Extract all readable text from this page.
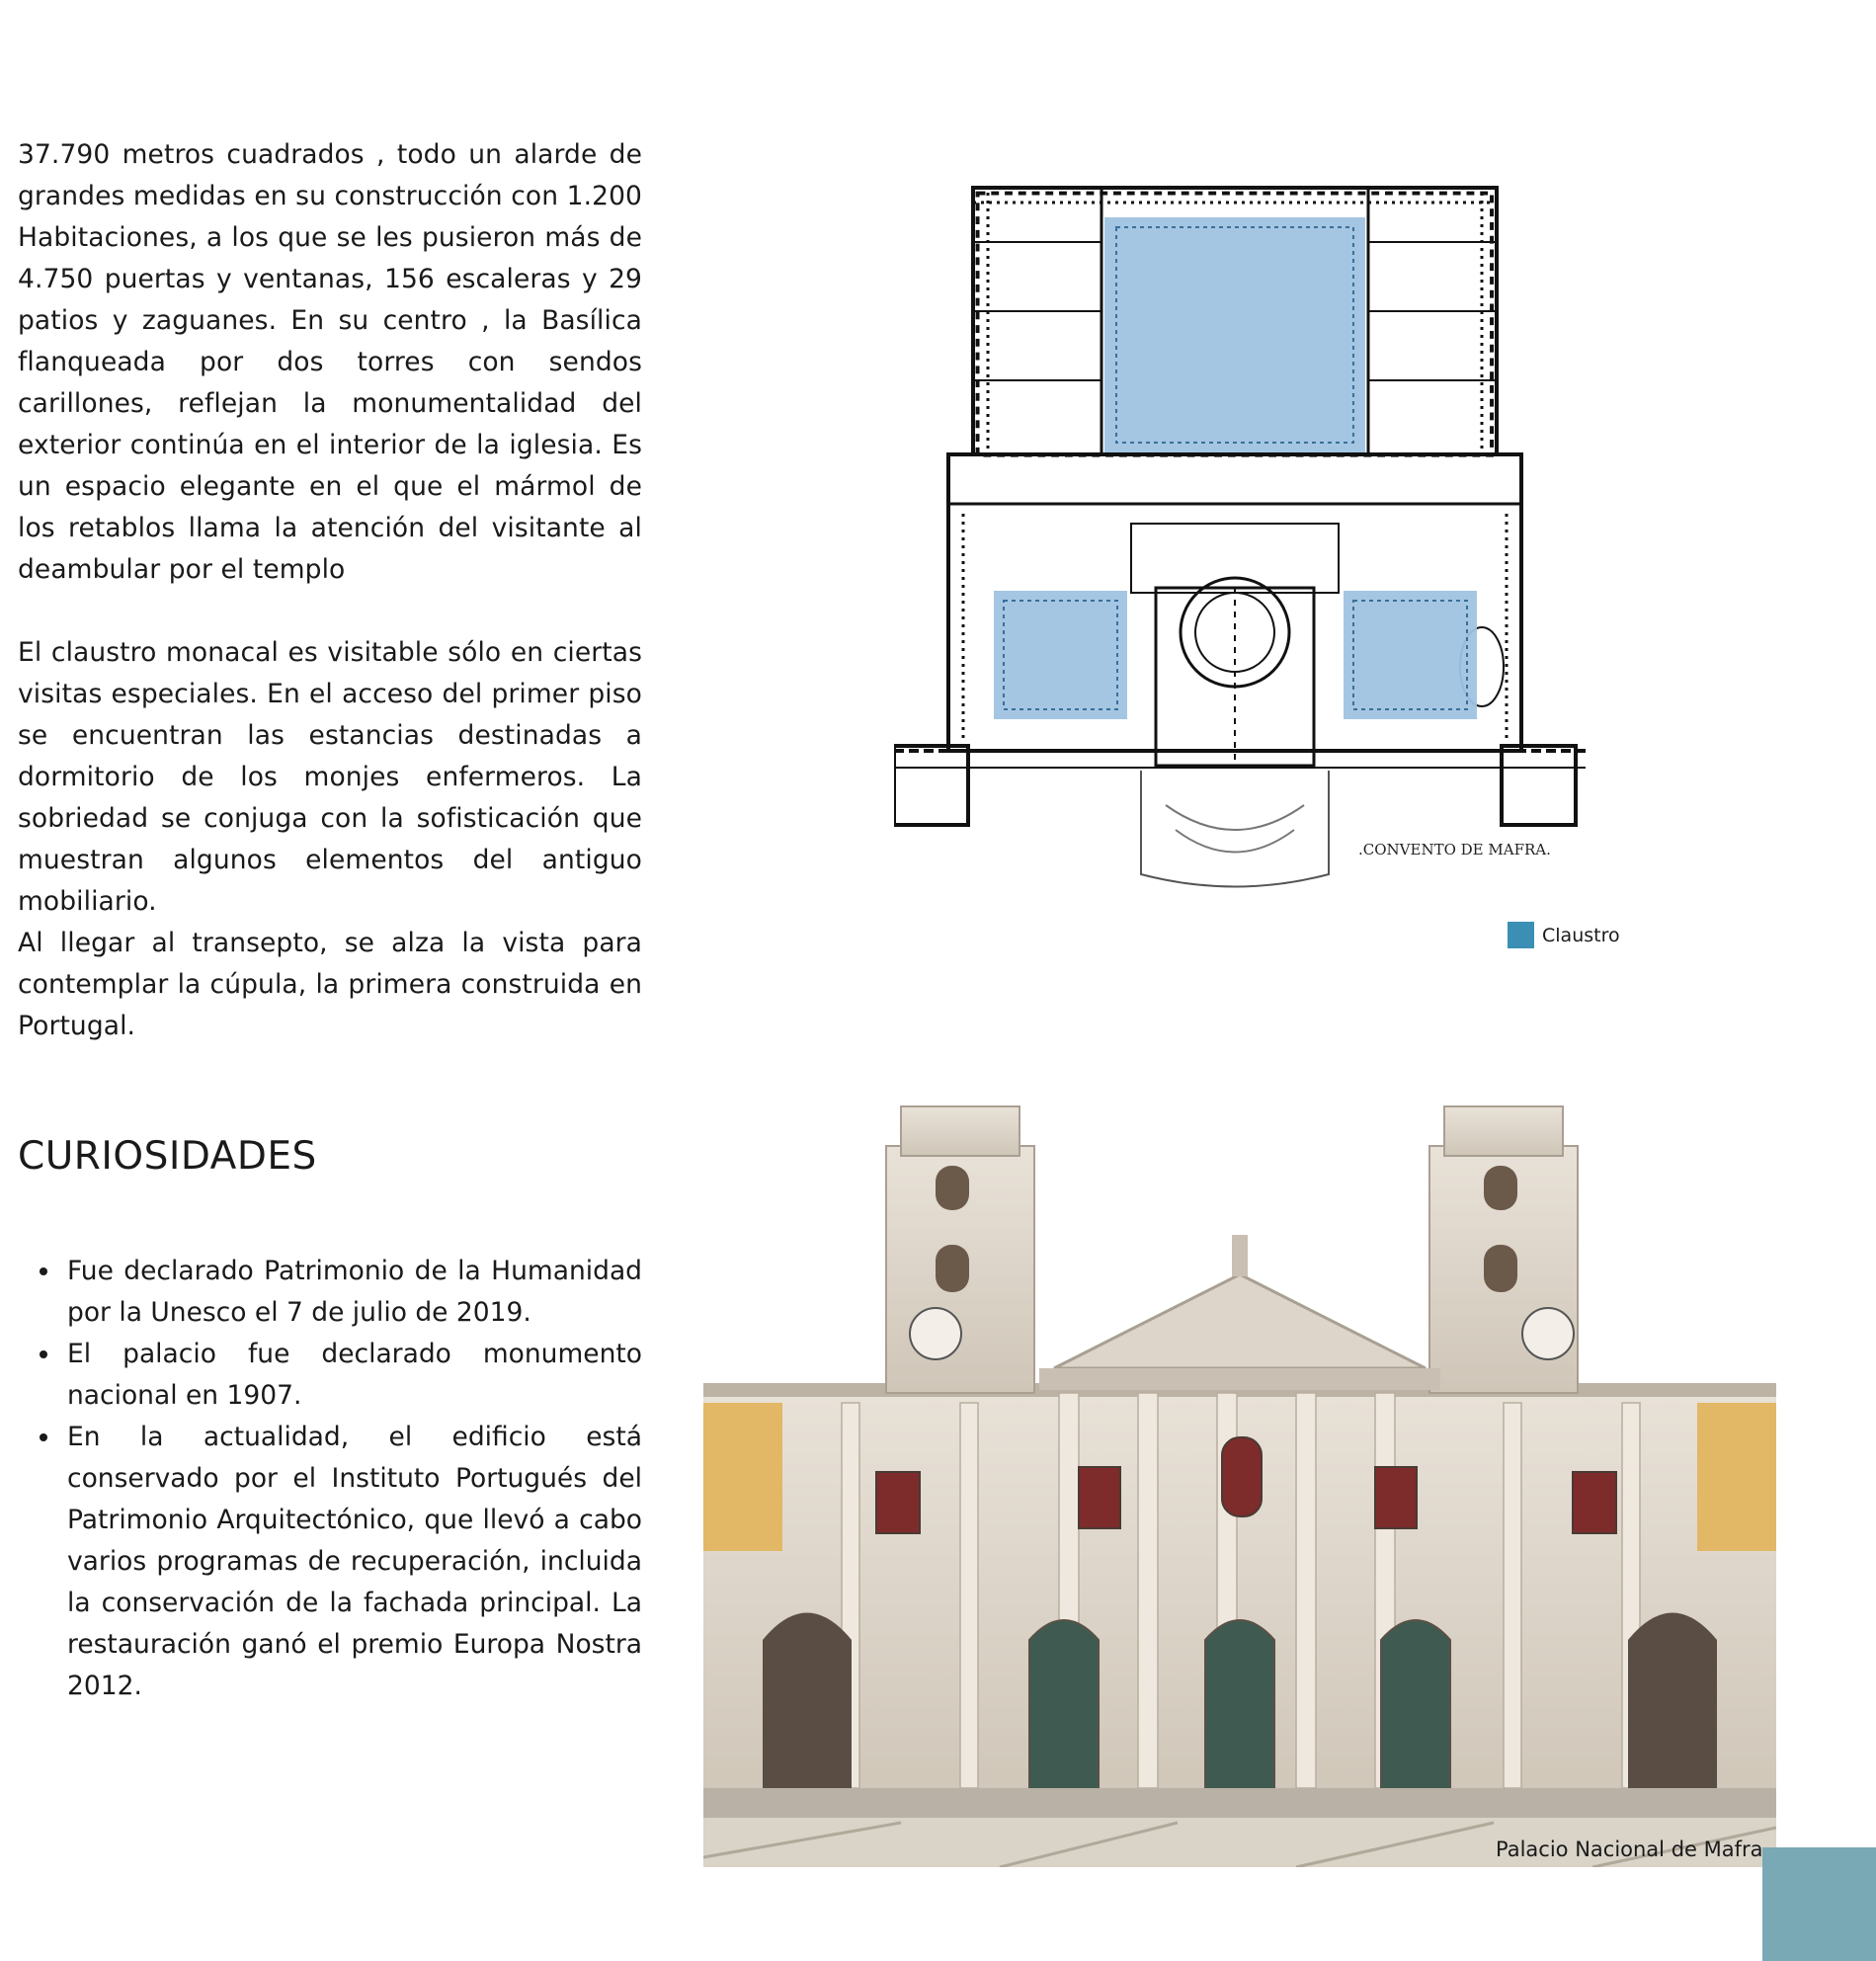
37.790 metros cuadrados , todo un alarde de grandes medidas en su construcción con 1.200 Habitaciones, a los que se les pusieron más de 4.750 puertas y ventanas, 156 escaleras y 29 patios y zaguanes. En su centro , la Basílica flanqueada por dos torres con sendos carillones, reflejan la monumentalidad del exterior continúa en el interior de la iglesia. Es un espacio elegante en el que el mármol de los retablos llama la atención del visitante al deambular por el templo

El claustro monacal es visitable sólo en ciertas visitas especiales. En el acceso del primer piso se encuentran las estancias destinadas a dormitorio de los monjes enfermeros. La sobriedad se conjuga con la sofisticación que muestran algunos elementos del antiguo mobiliario.

Al llegar al transepto, se alza la vista para contemplar la cúpula, la primera construida en Portugal.

CURIOSIDADES
Fue declarado Patrimonio de la Humanidad por la Unesco el 7 de julio de 2019.
El palacio fue declarado monumento nacional en 1907.
En la actualidad, el edificio está conservado por el Instituto Portugués del Patrimonio Arquitectónico, que llevó a cabo varios programas de recuperación, incluida la conservación de la fachada principal. La restauración ganó el premio Europa Nostra 2012.
.CONVENTO DE MAFRA.
Claustro
Palacio Nacional de Mafra
